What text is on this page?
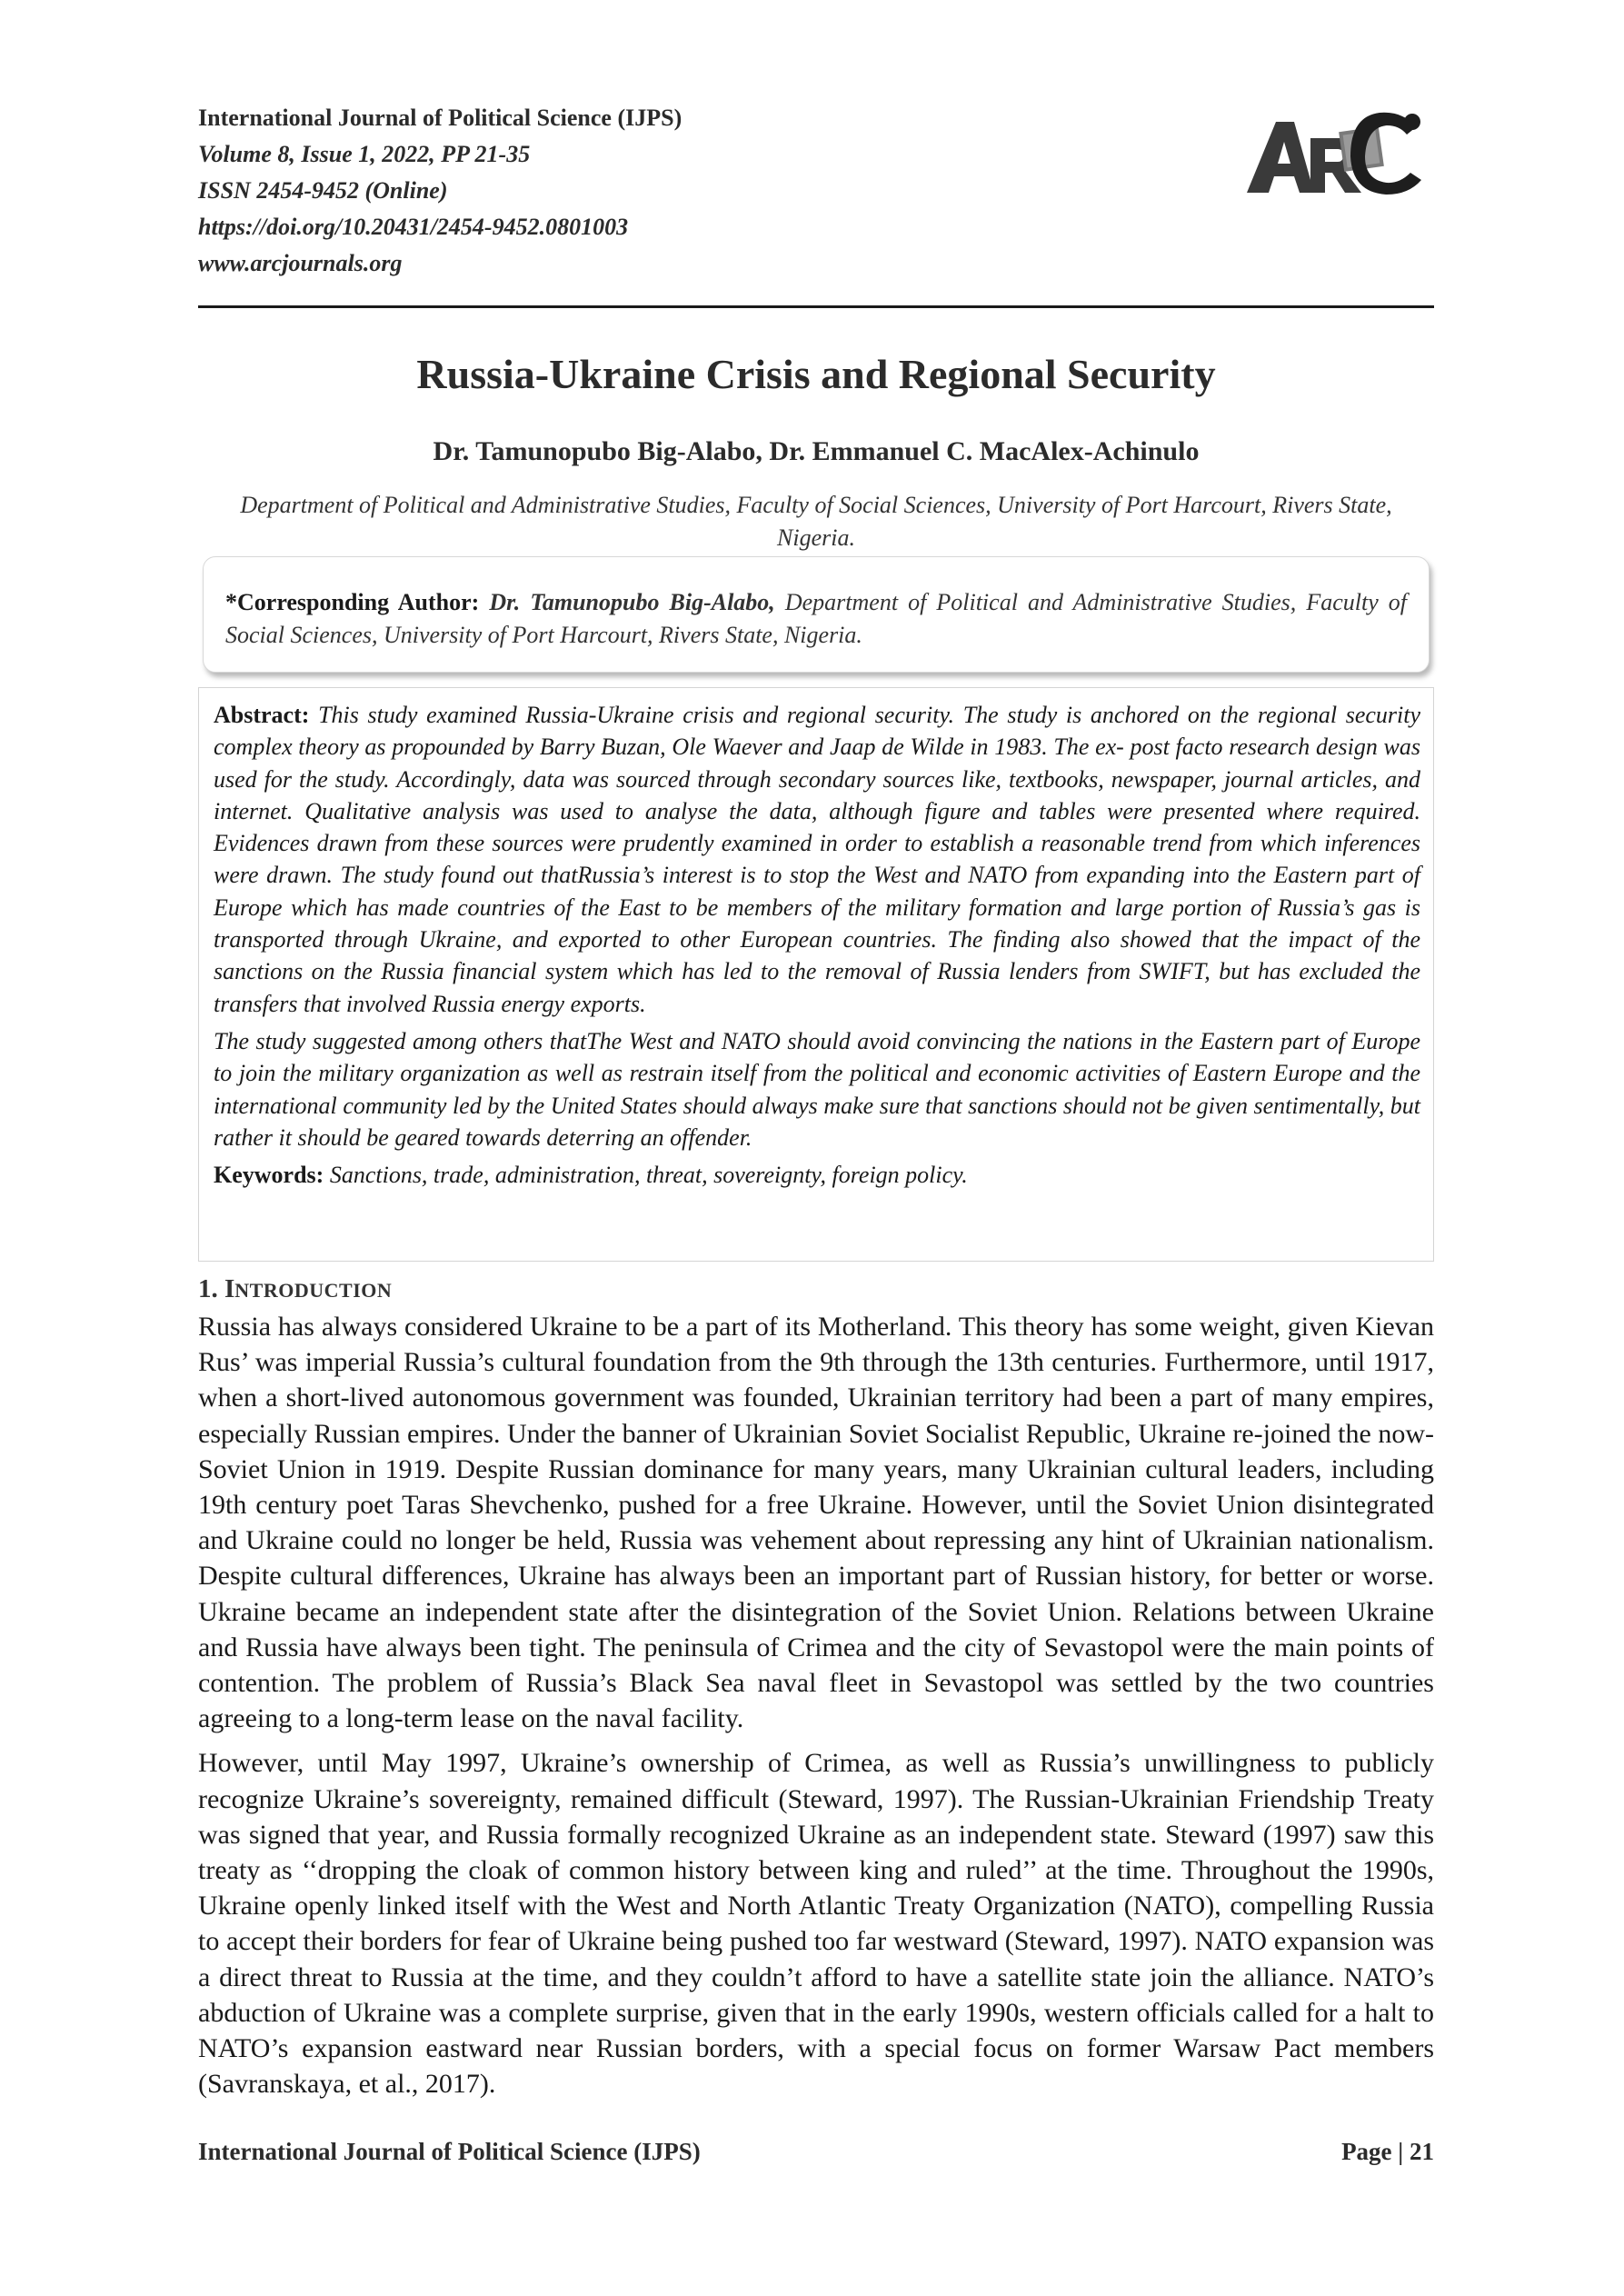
International Journal of Political Science (IJPS)
Volume 8, Issue 1, 2022, PP 21-35
ISSN 2454-9452 (Online)
https://doi.org/10.20431/2454-9452.0801003
www.arcjournals.org
Russia-Ukraine Crisis and Regional Security
Dr. Tamunopubo Big-Alabo, Dr. Emmanuel C. MacAlex-Achinulo
Department of Political and Administrative Studies, Faculty of Social Sciences, University of Port Harcourt, Rivers State, Nigeria.
*Corresponding Author: Dr. Tamunopubo Big-Alabo, Department of Political and Administrative Studies, Faculty of Social Sciences, University of Port Harcourt, Rivers State, Nigeria.

Abstract: This study examined Russia-Ukraine crisis and regional security. The study is anchored on the regional security complex theory as propounded by Barry Buzan, Ole Waever and Jaap de Wilde in 1983. The ex- post facto research design was used for the study. Accordingly, data was sourced through secondary sources like, textbooks, newspaper, journal articles, and internet. Qualitative analysis was used to analyse the data, although figure and tables were presented where required. Evidences drawn from these sources were prudently examined in order to establish a reasonable trend from which inferences were drawn. The study found out thatRussia’s interest is to stop the West and NATO from expanding into the Eastern part of Europe which has made countries of the East to be members of the military formation and large portion of Russia’s gas is transported through Ukraine, and exported to other European countries. The finding also showed that the impact of the sanctions on the Russia financial system which has led to the removal of Russia lenders from SWIFT, but has excluded the transfers that involved Russia energy exports.

The study suggested among others thatThe West and NATO should avoid convincing the nations in the Eastern part of Europe to join the military organization as well as restrain itself from the political and economic activities of Eastern Europe and the international community led by the United States should always make sure that sanctions should not be given sentimentally, but rather it should be geared towards deterring an offender.

Keywords: Sanctions, trade, administration, threat, sovereignty, foreign policy.

1. INTRODUCTION

Russia has always considered Ukraine to be a part of its Motherland. This theory has some weight, given Kievan Rus’ was imperial Russia’s cultural foundation from the 9th through the 13th centuries. Furthermore, until 1917, when a short-lived autonomous government was founded, Ukrainian territory had been a part of many empires, especially Russian empires. Under the banner of Ukrainian Soviet Socialist Republic, Ukraine re-joined the now-Soviet Union in 1919. Despite Russian dominance for many years, many Ukrainian cultural leaders, including 19th century poet Taras Shevchenko, pushed for a free Ukraine. However, until the Soviet Union disintegrated and Ukraine could no longer be held, Russia was vehement about repressing any hint of Ukrainian nationalism. Despite cultural differences, Ukraine has always been an important part of Russian history, for better or worse. Ukraine became an independent state after the disintegration of the Soviet Union. Relations between Ukraine and Russia have always been tight. The peninsula of Crimea and the city of Sevastopol were the main points of contention. The problem of Russia’s Black Sea naval fleet in Sevastopol was settled by the two countries agreeing to a long-term lease on the naval facility.

However, until May 1997, Ukraine’s ownership of Crimea, as well as Russia’s unwillingness to publicly recognize Ukraine’s sovereignty, remained difficult (Steward, 1997). The Russian-Ukrainian Friendship Treaty was signed that year, and Russia formally recognized Ukraine as an independent state. Steward (1997) saw this treaty as ‘‘dropping the cloak of common history between king and ruled’’ at the time. Throughout the 1990s, Ukraine openly linked itself with the West and North Atlantic Treaty Organization (NATO), compelling Russia to accept their borders for fear of Ukraine being pushed too far westward (Steward, 1997). NATO expansion was a direct threat to Russia at the time, and they couldn’t afford to have a satellite state join the alliance. NATO’s abduction of Ukraine was a complete surprise, given that in the early 1990s, western officials called for a halt to NATO’s expansion eastward near Russian borders, with a special focus on former Warsaw Pact members (Savranskaya, et al., 2017).

International Journal of Political Science (IJPS)	Page | 21
